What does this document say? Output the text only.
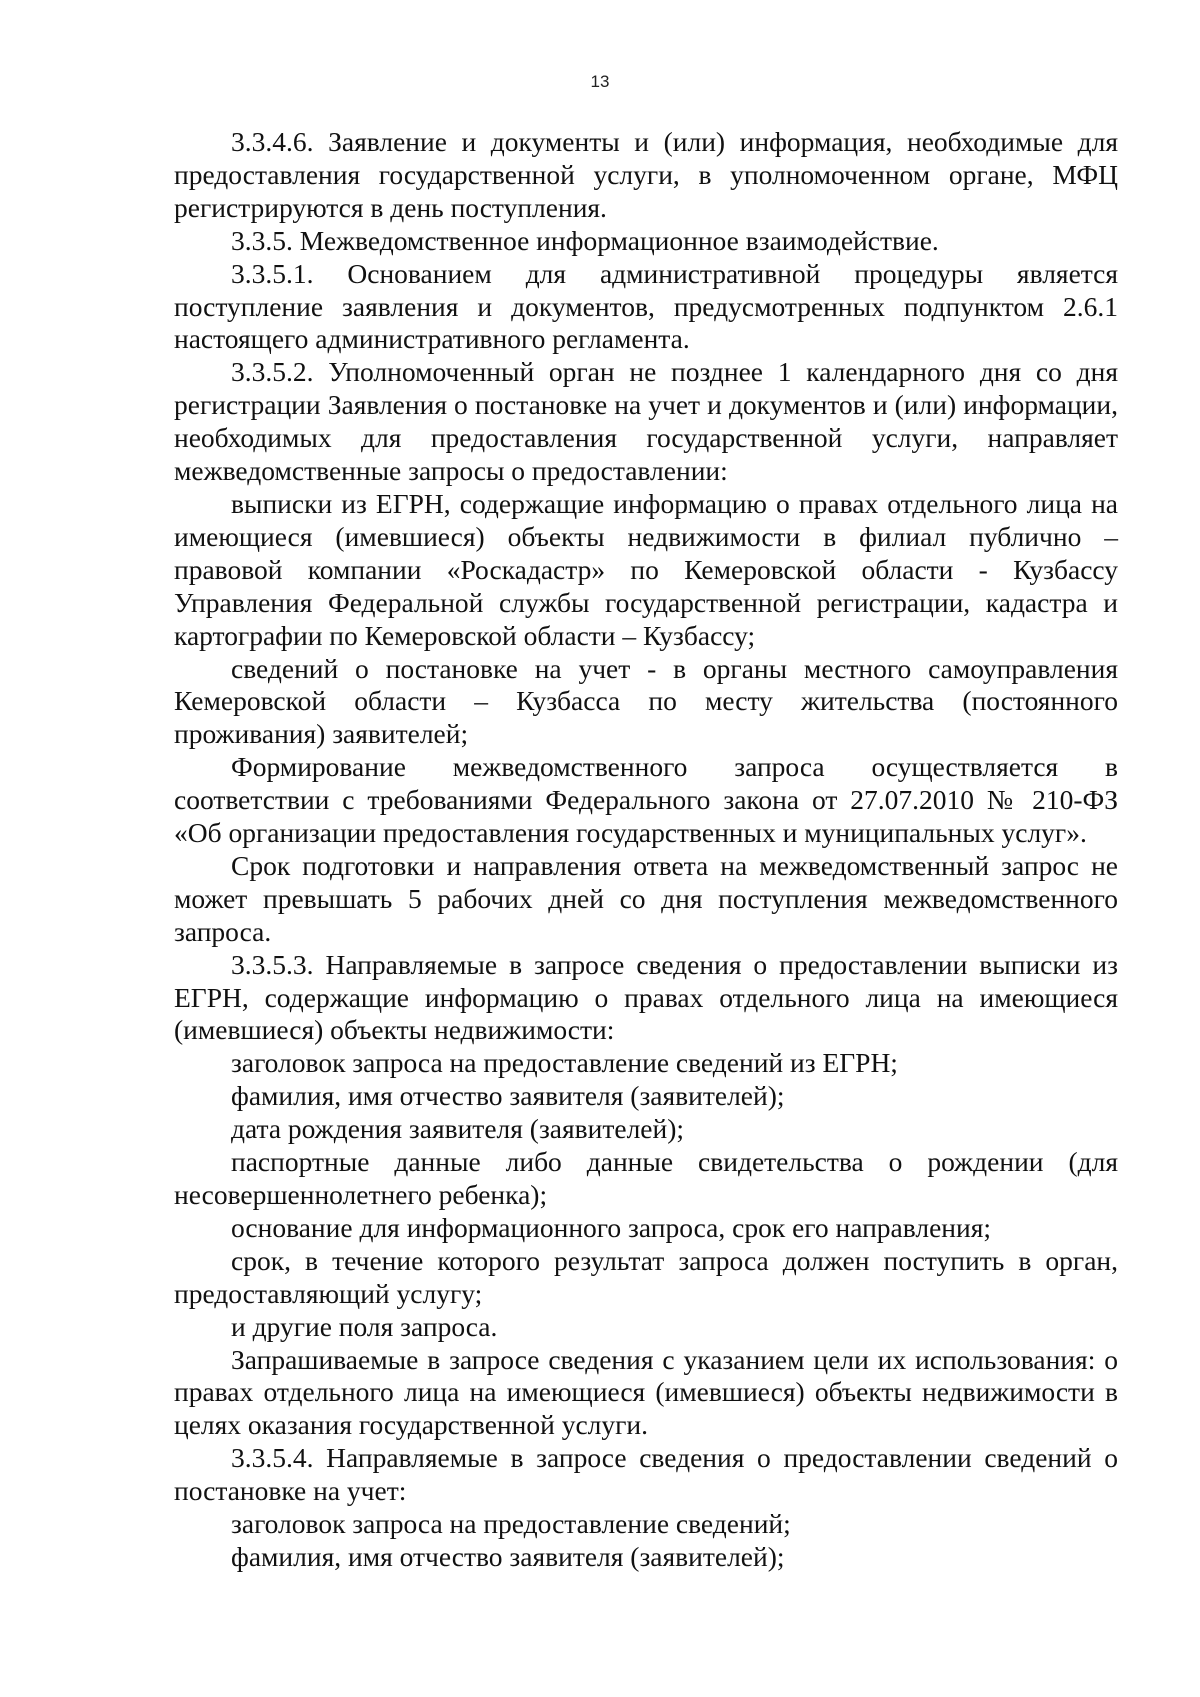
13

3.3.4.6. Заявление и документы и (или) информация, необходимые для предоставления государственной услуги, в уполномоченном органе, МФЦ регистрируются в день поступления.

3.3.5. Межведомственное информационное взаимодействие.

3.3.5.1. Основанием для административной процедуры является поступление заявления и документов, предусмотренных подпунктом 2.6.1 настоящего административного регламента.

3.3.5.2. Уполномоченный орган не позднее 1 календарного дня со дня регистрации Заявления о постановке на учет и документов и (или) информации, необходимых для предоставления государственной услуги, направляет межведомственные запросы о предоставлении:

выписки из ЕГРН, содержащие информацию о правах отдельного лица на имеющиеся (имевшиеся) объекты недвижимости в филиал публично – правовой компании «Роскадастр» по Кемеровской области - Кузбассу Управления Федеральной службы государственной регистрации, кадастра и картографии по Кемеровской области – Кузбассу;

сведений о постановке на учет - в органы местного самоуправления Кемеровской области – Кузбасса по месту жительства (постоянного проживания) заявителей;

Формирование межведомственного запроса осуществляется в соответствии с требованиями Федерального закона от 27.07.2010 № 210-ФЗ «Об организации предоставления государственных и муниципальных услуг».

Срок подготовки и направления ответа на межведомственный запрос не может превышать 5 рабочих дней со дня поступления межведомственного запроса.

3.3.5.3. Направляемые в запросе сведения о предоставлении выписки из ЕГРН, содержащие информацию о правах отдельного лица на имеющиеся (имевшиеся) объекты недвижимости:

заголовок запроса на предоставление сведений из ЕГРН;

фамилия, имя отчество заявителя (заявителей);

дата рождения заявителя (заявителей);

паспортные данные либо данные свидетельства о рождении (для несовершеннолетнего ребенка);

основание для информационного запроса, срок его направления;

срок, в течение которого результат запроса должен поступить в орган, предоставляющий услугу;

и другие поля запроса.

Запрашиваемые в запросе сведения с указанием цели их использования: о правах отдельного лица на имеющиеся (имевшиеся) объекты недвижимости в целях оказания государственной услуги.

3.3.5.4. Направляемые в запросе сведения о предоставлении сведений о постановке на учет:

заголовок запроса на предоставление сведений;

фамилия, имя отчество заявителя (заявителей);
